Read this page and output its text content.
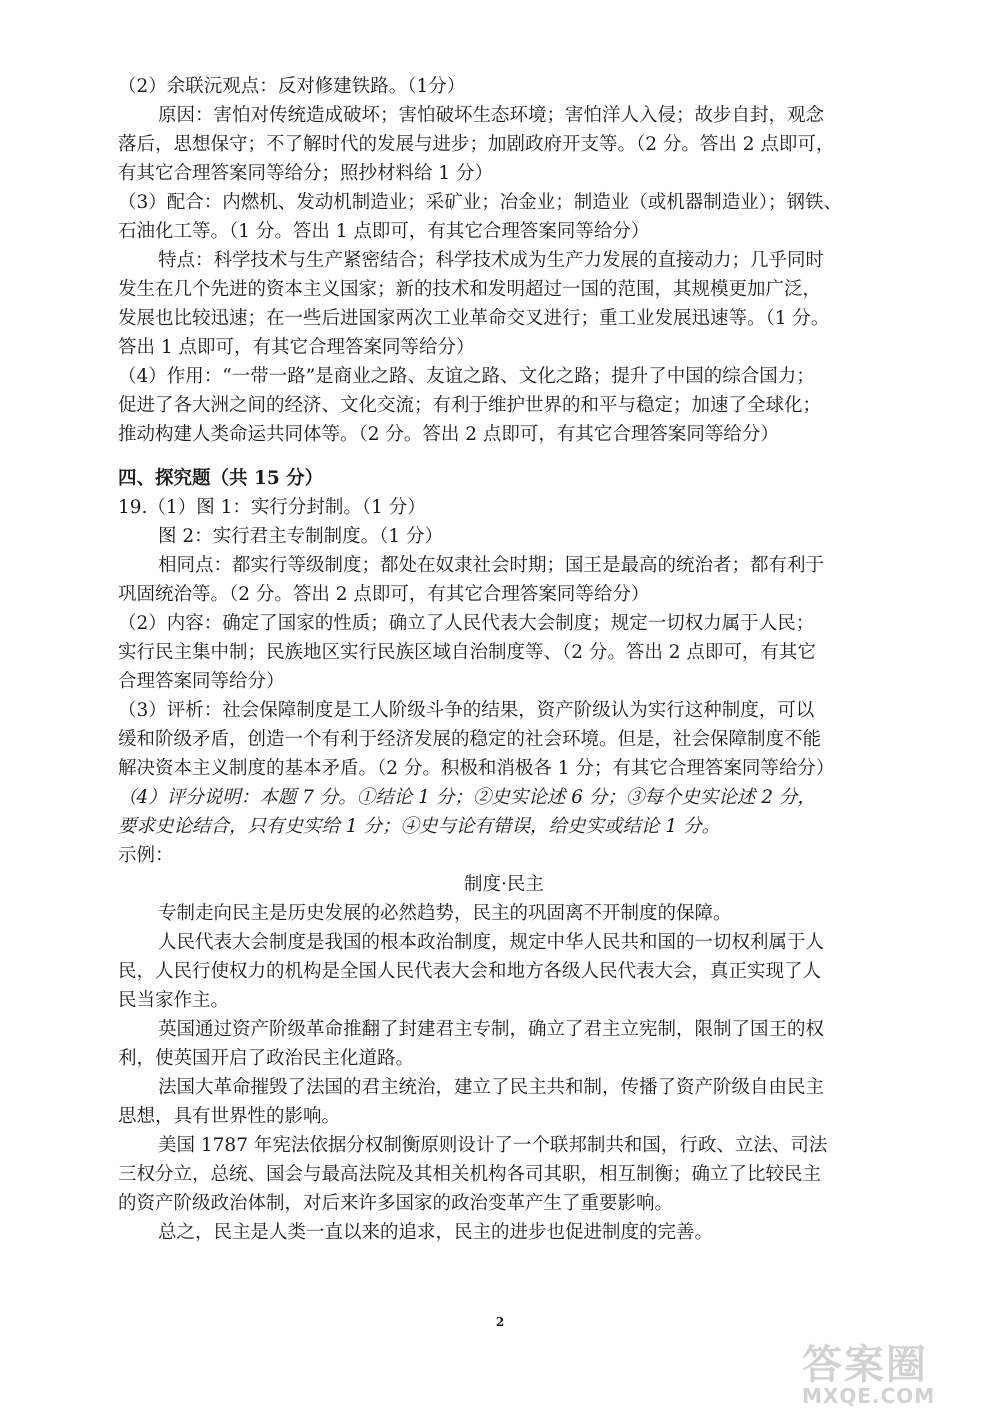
（2）余联沅观点：反对修建铁路。（1分）
原因：害怕对传统造成破坏；害怕破坏生态环境；害怕洋人入侵；故步自封，观念
落后，思想保守；不了解时代的发展与进步；加剧政府开支等。（2 分。答出 2 点即可，
有其它合理答案同等给分；照抄材料给 1 分）
（3）配合：内燃机、发动机制造业；采矿业；冶金业；制造业（或机器制造业）；钢铁、
石油化工等。（1 分。答出 1 点即可，有其它合理答案同等给分）
特点：科学技术与生产紧密结合；科学技术成为生产力发展的直接动力；几乎同时
发生在几个先进的资本主义国家；新的技术和发明超过一国的范围，其规模更加广泛，
发展也比较迅速；在一些后进国家两次工业革命交叉进行；重工业发展迅速等。（1 分。
答出 1 点即可，有其它合理答案同等给分）
（4）作用：“一带一路”是商业之路、友谊之路、文化之路；提升了中国的综合国力；
促进了各大洲之间的经济、文化交流；有利于维护世界的和平与稳定；加速了全球化；
推动构建人类命运共同体等。（2 分。答出 2 点即可，有其它合理答案同等给分）
四、探究题（共 15 分）
19.（1）图 1：实行分封制。（1 分）
图 2：实行君主专制制度。（1 分）
相同点：都实行等级制度；都处在奴隶社会时期；国王是最高的统治者；都有利于
巩固统治等。（2 分。答出 2 点即可，有其它合理答案同等给分）
（2）内容：确定了国家的性质；确立了人民代表大会制度；规定一切权力属于人民；
实行民主集中制；民族地区实行民族区域自治制度等、（2 分。答出 2 点即可，有其它
合理答案同等给分）
（3）评析：社会保障制度是工人阶级斗争的结果，资产阶级认为实行这种制度，可以
缓和阶级矛盾，创造一个有利于经济发展的稳定的社会环境。但是，社会保障制度不能
解决资本主义制度的基本矛盾。（2 分。积极和消极各 1 分；有其它合理答案同等给分）
（4）评分说明：本题 7 分。①结论 1 分；②史实论述 6 分；③每个史实论述 2 分，
要求史论结合，只有史实给 1 分；④史与论有错误，给史实或结论 1 分。
示例：
制度·民主
专制走向民主是历史发展的必然趋势，民主的巩固离不开制度的保障。
人民代表大会制度是我国的根本政治制度，规定中华人民共和国的一切权利属于人
民，人民行使权力的机构是全国人民代表大会和地方各级人民代表大会，真正实现了人
民当家作主。
英国通过资产阶级革命推翻了封建君主专制，确立了君主立宪制，限制了国王的权
利，使英国开启了政治民主化道路。
法国大革命摧毁了法国的君主统治，建立了民主共和制，传播了资产阶级自由民主
思想，具有世界性的影响。
美国 1787 年宪法依据分权制衡原则设计了一个联邦制共和国，行政、立法、司法
三权分立，总统、国会与最高法院及其相关机构各司其职，相互制衡；确立了比较民主
的资产阶级政治体制，对后来许多国家的政治变革产生了重要影响。
总之，民主是人类一直以来的追求，民主的进步也促进制度的完善。
2
答案圈
MXQE.COM
